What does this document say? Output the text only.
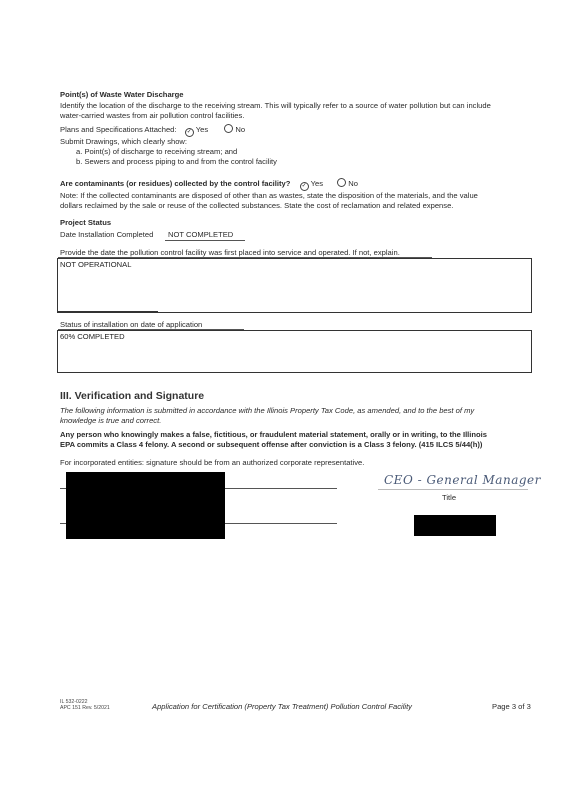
Point(s) of Waste Water Discharge
Identify the location of the discharge to the receiving stream. This will typically refer to a source of water pollution but can include
water-carried wastes from air pollution control facilities.
Plans and Specifications Attached: ✓ Yes	No
Submit Drawings, which clearly show:
a. Point(s) of discharge to receiving stream; and
b. Sewers and process piping to and from the control facility
Are contaminants (or residues) collected by the control facility? ✓ Yes	No
Note: If the collected contaminants are disposed of other than as wastes, state the disposition of the materials, and the value
dollars reclaimed by the sale or reuse of the collected substances. State the cost of reclamation and related expense.
Project Status
Date Installation Completed NOT COMPLETED
Provide the date the pollution control facility was first placed into service and operated. If not, explain.
NOT OPERATIONAL
Status of installation on date of application
60% COMPLETED
III. Verification and Signature
The following information is submitted in accordance with the Illinois Property Tax Code, as amended, and to the best of my
knowledge is true and correct.
Any person who knowingly makes a false, fictitious, or fraudulent material statement, orally or in writing, to the Illinois
EPA commits a Class 4 felony. A second or subsequent offense after conviction is a Class 3 felony. (415 ILCS 5/44(h))
For incorporated entities: signature should be from an authorized corporate representative.
CEO - General Manager
Title
IL 532-0222
APC 151 Rev. 5/2021	Application for Certification (Property Tax Treatment) Pollution Control Facility	Page 3 of 3
